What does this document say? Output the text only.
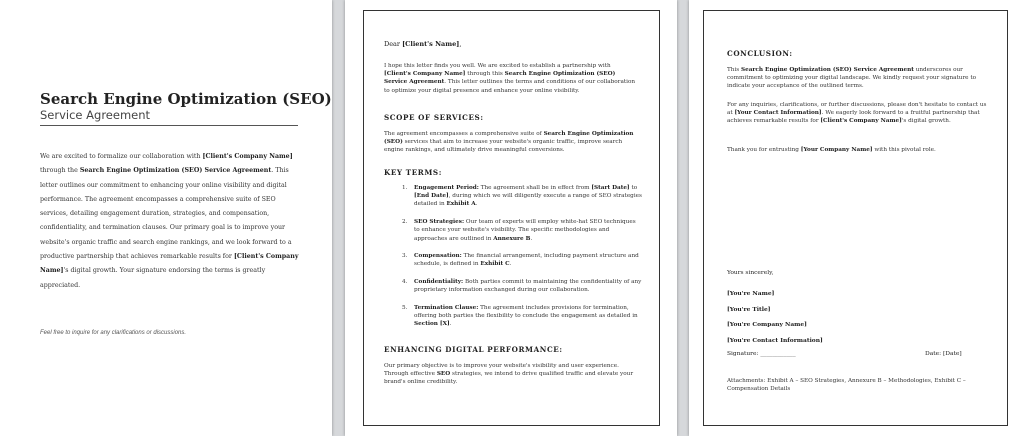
Search Engine Optimization (SEO)
Service Agreement

We are excited to formalize our collaboration with [Client's Company Name] through the Search Engine Optimization (SEO) Service Agreement. This letter outlines our commitment to enhancing your online visibility and digital performance. The agreement encompasses a comprehensive suite of SEO services, detailing engagement duration, strategies, and compensation, confidentiality, and termination clauses. Our primary goal is to improve your website's organic traffic and search engine rankings, and we look forward to a productive partnership that achieves remarkable results for [Client's Company Name]'s digital growth. Your signature endorsing the terms is greatly appreciated.

Feel free to inquire for any clarifications or discussions.
Dear [Client's Name],

I hope this letter finds you well. We are excited to establish a partnership with [Client's Company Name] through this Search Engine Optimization (SEO) Service Agreement. This letter outlines the terms and conditions of our collaboration to optimize your digital presence and enhance your online visibility.

SCOPE OF SERVICES:

The agreement encompasses a comprehensive suite of Search Engine Optimization (SEO) services that aim to increase your website's organic traffic, improve search engine rankings, and ultimately drive meaningful conversions.

KEY TERMS:
1. Engagement Period: The agreement shall be in effect from [Start Date] to [End Date], during which we will diligently execute a range of SEO strategies detailed in Exhibit A.
2. SEO Strategies: Our team of experts will employ white-hat SEO techniques to enhance your website's visibility. The specific methodologies and approaches are outlined in Annexure B.
3. Compensation: The financial arrangement, including payment structure and schedule, is defined in Exhibit C.
4. Confidentiality: Both parties commit to maintaining the confidentiality of any proprietary information exchanged during our collaboration.
5. Termination Clause: The agreement includes provisions for termination, offering both parties the flexibility to conclude the engagement as detailed in Section [X].
ENHANCING DIGITAL PERFORMANCE:

Our primary objective is to improve your website's visibility and user experience. Through effective SEO strategies, we intend to drive qualified traffic and elevate your brand's online credibility.

CONCLUSION:

This Search Engine Optimization (SEO) Service Agreement underscores our commitment to optimizing your digital landscape. We kindly request your signature to indicate your acceptance of the outlined terms.

For any inquiries, clarifications, or further discussions, please don't hesitate to contact us at [Your Contact Information]. We eagerly look forward to a fruitful partnership that achieves remarkable results for [Client's Company Name]'s digital growth.

Thank you for entrusting [Your Company Name] with this pivotal role.

Yours sincerely,
[You're Name]
[You're Title]
[You're Company Name]
[You're Contact Information]
Signature: ____________	Date: [Date]

Attachments: Exhibit A – SEO Strategies, Annexure B – Methodologies, Exhibit C – Compensation Details
